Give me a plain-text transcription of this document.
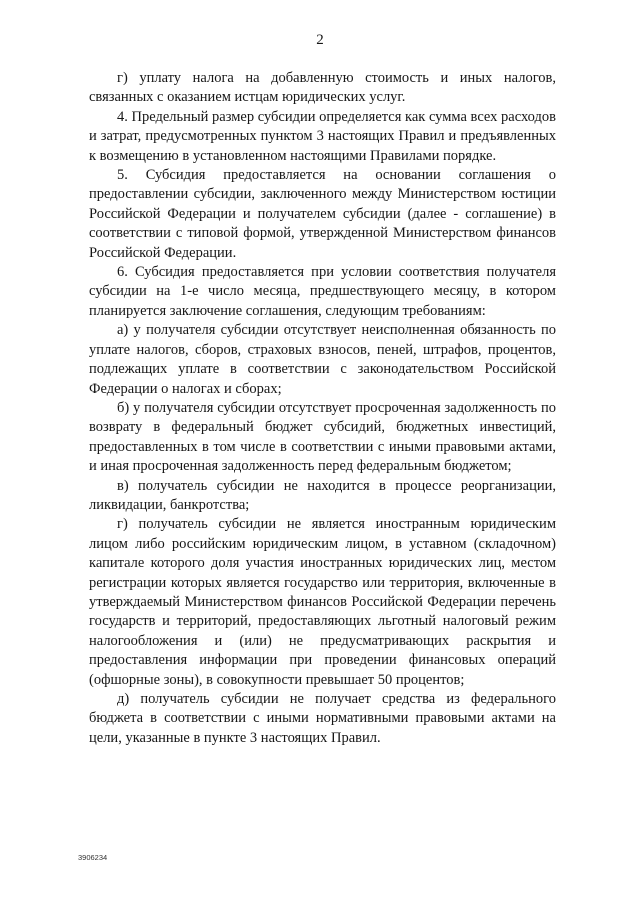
2

г) уплату налога на добавленную стоимость и иных налогов, связанных с оказанием истцам юридических услуг.

4. Предельный размер субсидии определяется как сумма всех расходов и затрат, предусмотренных пунктом 3 настоящих Правил и предъявленных к возмещению в установленном настоящими Правилами порядке.

5. Субсидия предоставляется на основании соглашения о предоставлении субсидии, заключенного между Министерством юстиции Российской Федерации и получателем субсидии (далее - соглашение) в соответствии с типовой формой, утвержденной Министерством финансов Российской Федерации.

6. Субсидия предоставляется при условии соответствия получателя субсидии на 1-е число месяца, предшествующего месяцу, в котором планируется заключение соглашения, следующим требованиям:

а) у получателя субсидии отсутствует неисполненная обязанность по уплате налогов, сборов, страховых взносов, пеней, штрафов, процентов, подлежащих уплате в соответствии с законодательством Российской Федерации о налогах и сборах;

б) у получателя субсидии отсутствует просроченная задолженность по возврату в федеральный бюджет субсидий, бюджетных инвестиций, предоставленных в том числе в соответствии с иными правовыми актами, и иная просроченная задолженность перед федеральным бюджетом;

в) получатель субсидии не находится в процессе реорганизации, ликвидации, банкротства;

г) получатель субсидии не является иностранным юридическим лицом либо российским юридическим лицом, в уставном (складочном) капитале которого доля участия иностранных юридических лиц, местом регистрации которых является государство или территория, включенные в утверждаемый Министерством финансов Российской Федерации перечень государств и территорий, предоставляющих льготный налоговый режим налогообложения и (или) не предусматривающих раскрытия и предоставления информации при проведении финансовых операций (офшорные зоны), в совокупности превышает 50 процентов;

д) получатель субсидии не получает средства из федерального бюджета в соответствии с иными нормативными правовыми актами на цели, указанные в пункте 3 настоящих Правил.

3906234
